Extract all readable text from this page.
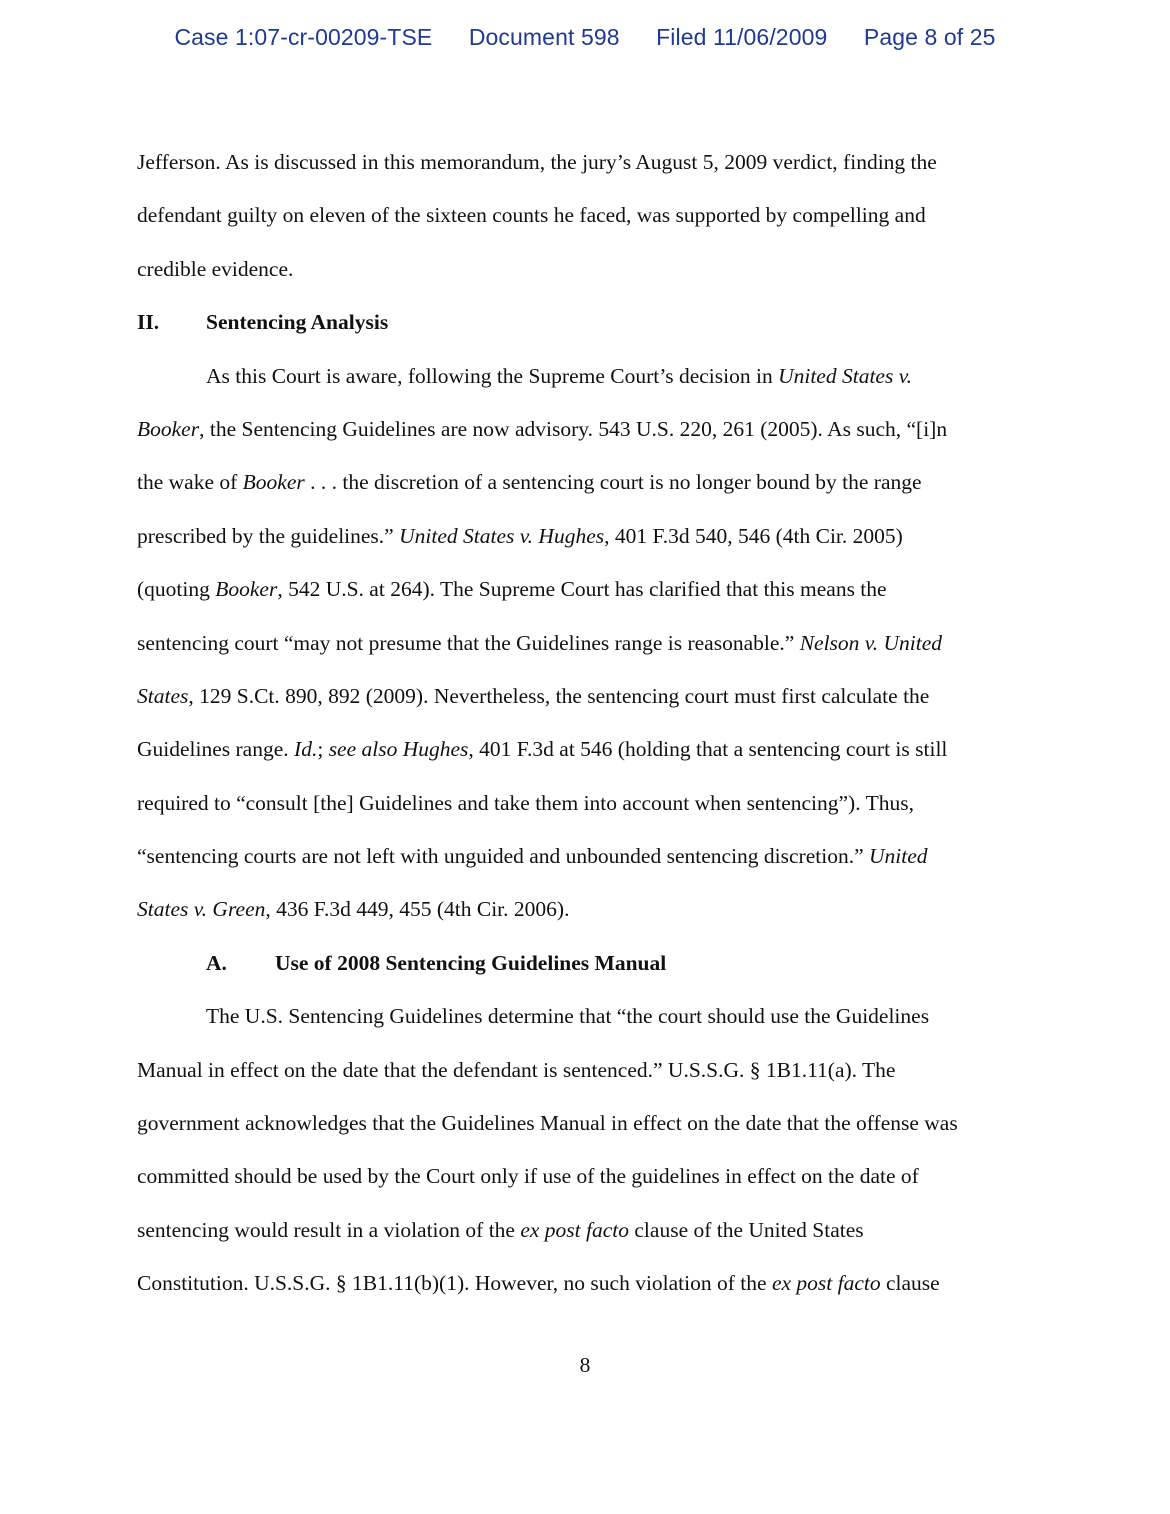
Case 1:07-cr-00209-TSE Document 598 Filed 11/06/2009 Page 8 of 25
Jefferson. As is discussed in this memorandum, the jury’s August 5, 2009 verdict, finding the
defendant guilty on eleven of the sixteen counts he faced, was supported by compelling and
credible evidence.
II. Sentencing Analysis
As this Court is aware, following the Supreme Court’s decision in United States v.
Booker, the Sentencing Guidelines are now advisory. 543 U.S. 220, 261 (2005). As such, “[i]n
the wake of Booker . . . the discretion of a sentencing court is no longer bound by the range
prescribed by the guidelines.” United States v. Hughes, 401 F.3d 540, 546 (4th Cir. 2005)
(quoting Booker, 542 U.S. at 264). The Supreme Court has clarified that this means the
sentencing court “may not presume that the Guidelines range is reasonable.” Nelson v. United
States, 129 S.Ct. 890, 892 (2009). Nevertheless, the sentencing court must first calculate the
Guidelines range. Id.; see also Hughes, 401 F.3d at 546 (holding that a sentencing court is still
required to “consult [the] Guidelines and take them into account when sentencing”). Thus,
“sentencing courts are not left with unguided and unbounded sentencing discretion.” United
States v. Green, 436 F.3d 449, 455 (4th Cir. 2006).
A. Use of 2008 Sentencing Guidelines Manual
The U.S. Sentencing Guidelines determine that “the court should use the Guidelines
Manual in effect on the date that the defendant is sentenced.” U.S.S.G. § 1B1.11(a). The
government acknowledges that the Guidelines Manual in effect on the date that the offense was
committed should be used by the Court only if use of the guidelines in effect on the date of
sentencing would result in a violation of the ex post facto clause of the United States
Constitution. U.S.S.G. § 1B1.11(b)(1). However, no such violation of the ex post facto clause
8
